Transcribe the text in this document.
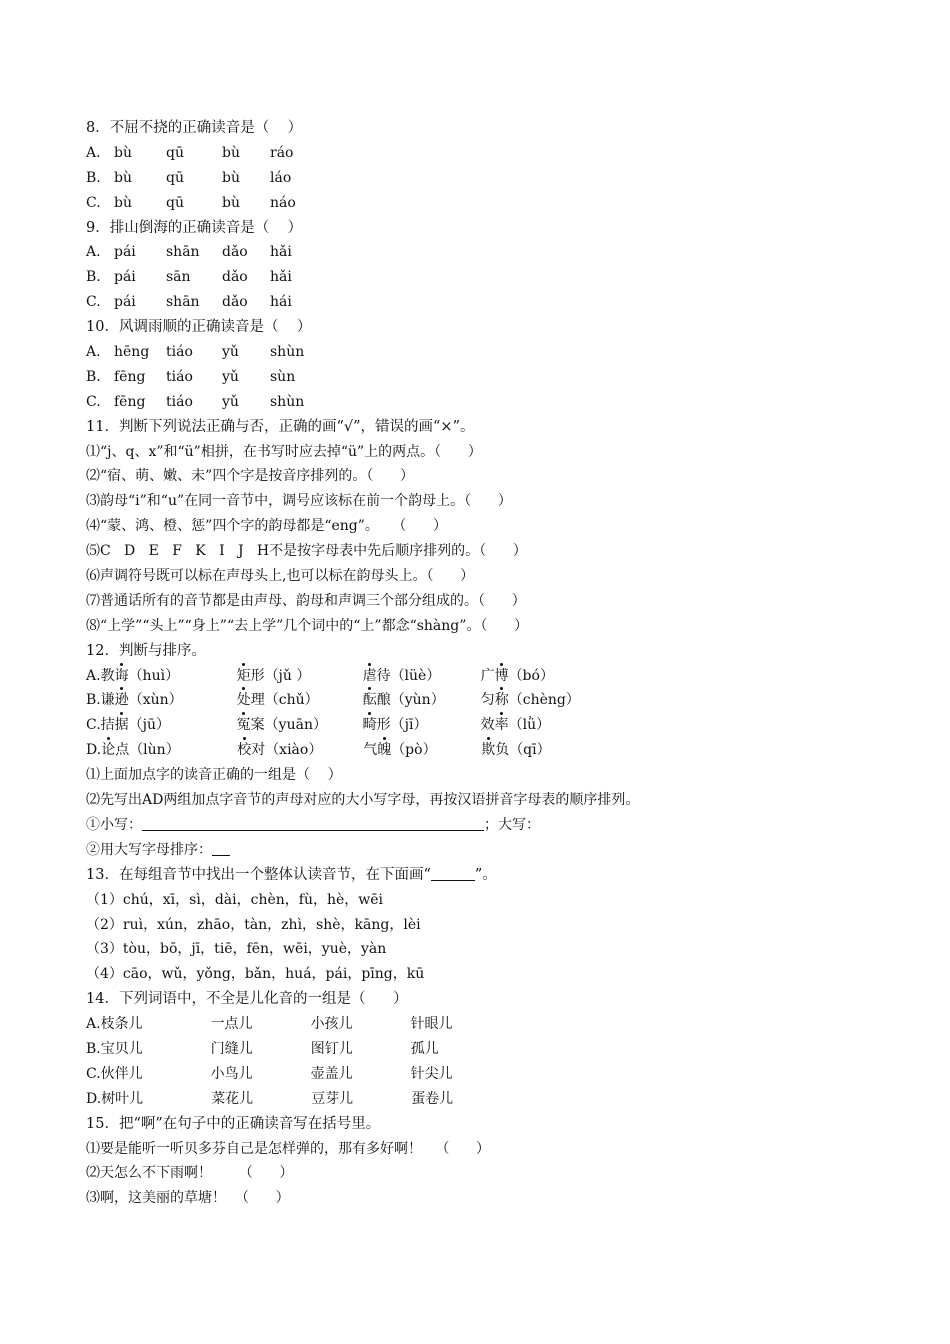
8．不屈不挠的正确读音是（    ）
A. bù qū	bù ráo
B. bù qū	bù láo
C. bù qū	bù náo
9．排山倒海的正确读音是（    ）
A. pái shān dǎo hǎi
B. pái sān dǎo hǎi
C. pái shān dǎo hái
10．风调雨顺的正确读音是（    ）
A. hēng tiáo yǔ shùn
B. fēng tiáo yǔ sùn
C. fēng tiáo yǔ shùn
11．判断下列说法正确与否，正确的画“√”，错误的画“×”。
⑴“j、q、x”和“ü”相拼，在书写时应去掉“ü”上的两点。（      ）
⑵“宿、萌、嫩、未”四个字是按音序排列的。（      ）
⑶韵母“i”和“u”在同一音节中，调号应该标在前一个韵母上。（      ）
⑷“蒙、鸿、橙、惩”四个字的韵母都是“eng”。   （      ）
⑸C   D   E   F   K   I   J   H不是按字母表中先后顺序排列的。（      ）
⑹声调符号既可以标在声母头上,也可以标在韵母头上。（      ）
⑺普通话所有的音节都是由声母、韵母和声调三个部分组成的。（      ）
⑻“上学”“头上”“身上”“去上学”几个词中的“上”都念“shàng”。（      ）
12．判断与排序。
A.教诲（huì）	矩形（jǔ ）	虐待（lüè）	广博（bó）
B.谦逊（xùn）	处理（chǔ）	酝酿（yùn）	匀称（chèng）
C.拮据（jū）	冤案（yuān）	畸形（jī）	效率（lǜ）
D.论点（lùn）	校对（xiào）	气魄（pò）	欺负（qī）
⑴上面加点字的读音正确的一组是（    ）
⑵先写出AD两组加点字音节的声母对应的大小写字母，再按汉语拼音字母表的顺序排列。
①小写：	；大写：
②用大写字母排序：
13．在每组音节中找出一个整体认读音节，在下面画“	”。
（1）chú，xī，sì，dài，chèn，fù，hè，wēi
（2）ruì，xún，zhāo，tàn，zhì，shè，kāng，lèi
（3）tòu，bō，jī，tiē，fēn，wēi，yuè，yàn
（4）cāo，wǔ，yǒng，bǎn，huá，pái，pīng，kū
14．下列词语中，不全是儿化音的一组是（      ）
A.枝条儿	一点儿	小孩儿	针眼儿
B.宝贝儿	门缝儿	图钉儿	孤儿
C.伙伴儿	小鸟儿	壶盖儿	针尖儿
D.树叶儿	菜花儿	豆芽儿	蛋卷儿
15．把“啊”在句子中的正确读音写在括号里。
⑴要是能听一听贝多芬自己是怎样弹的，那有多好啊！   （      ）
⑵天怎么不下雨啊！      （      ）
⑶啊，这美丽的草塘！  （      ）
